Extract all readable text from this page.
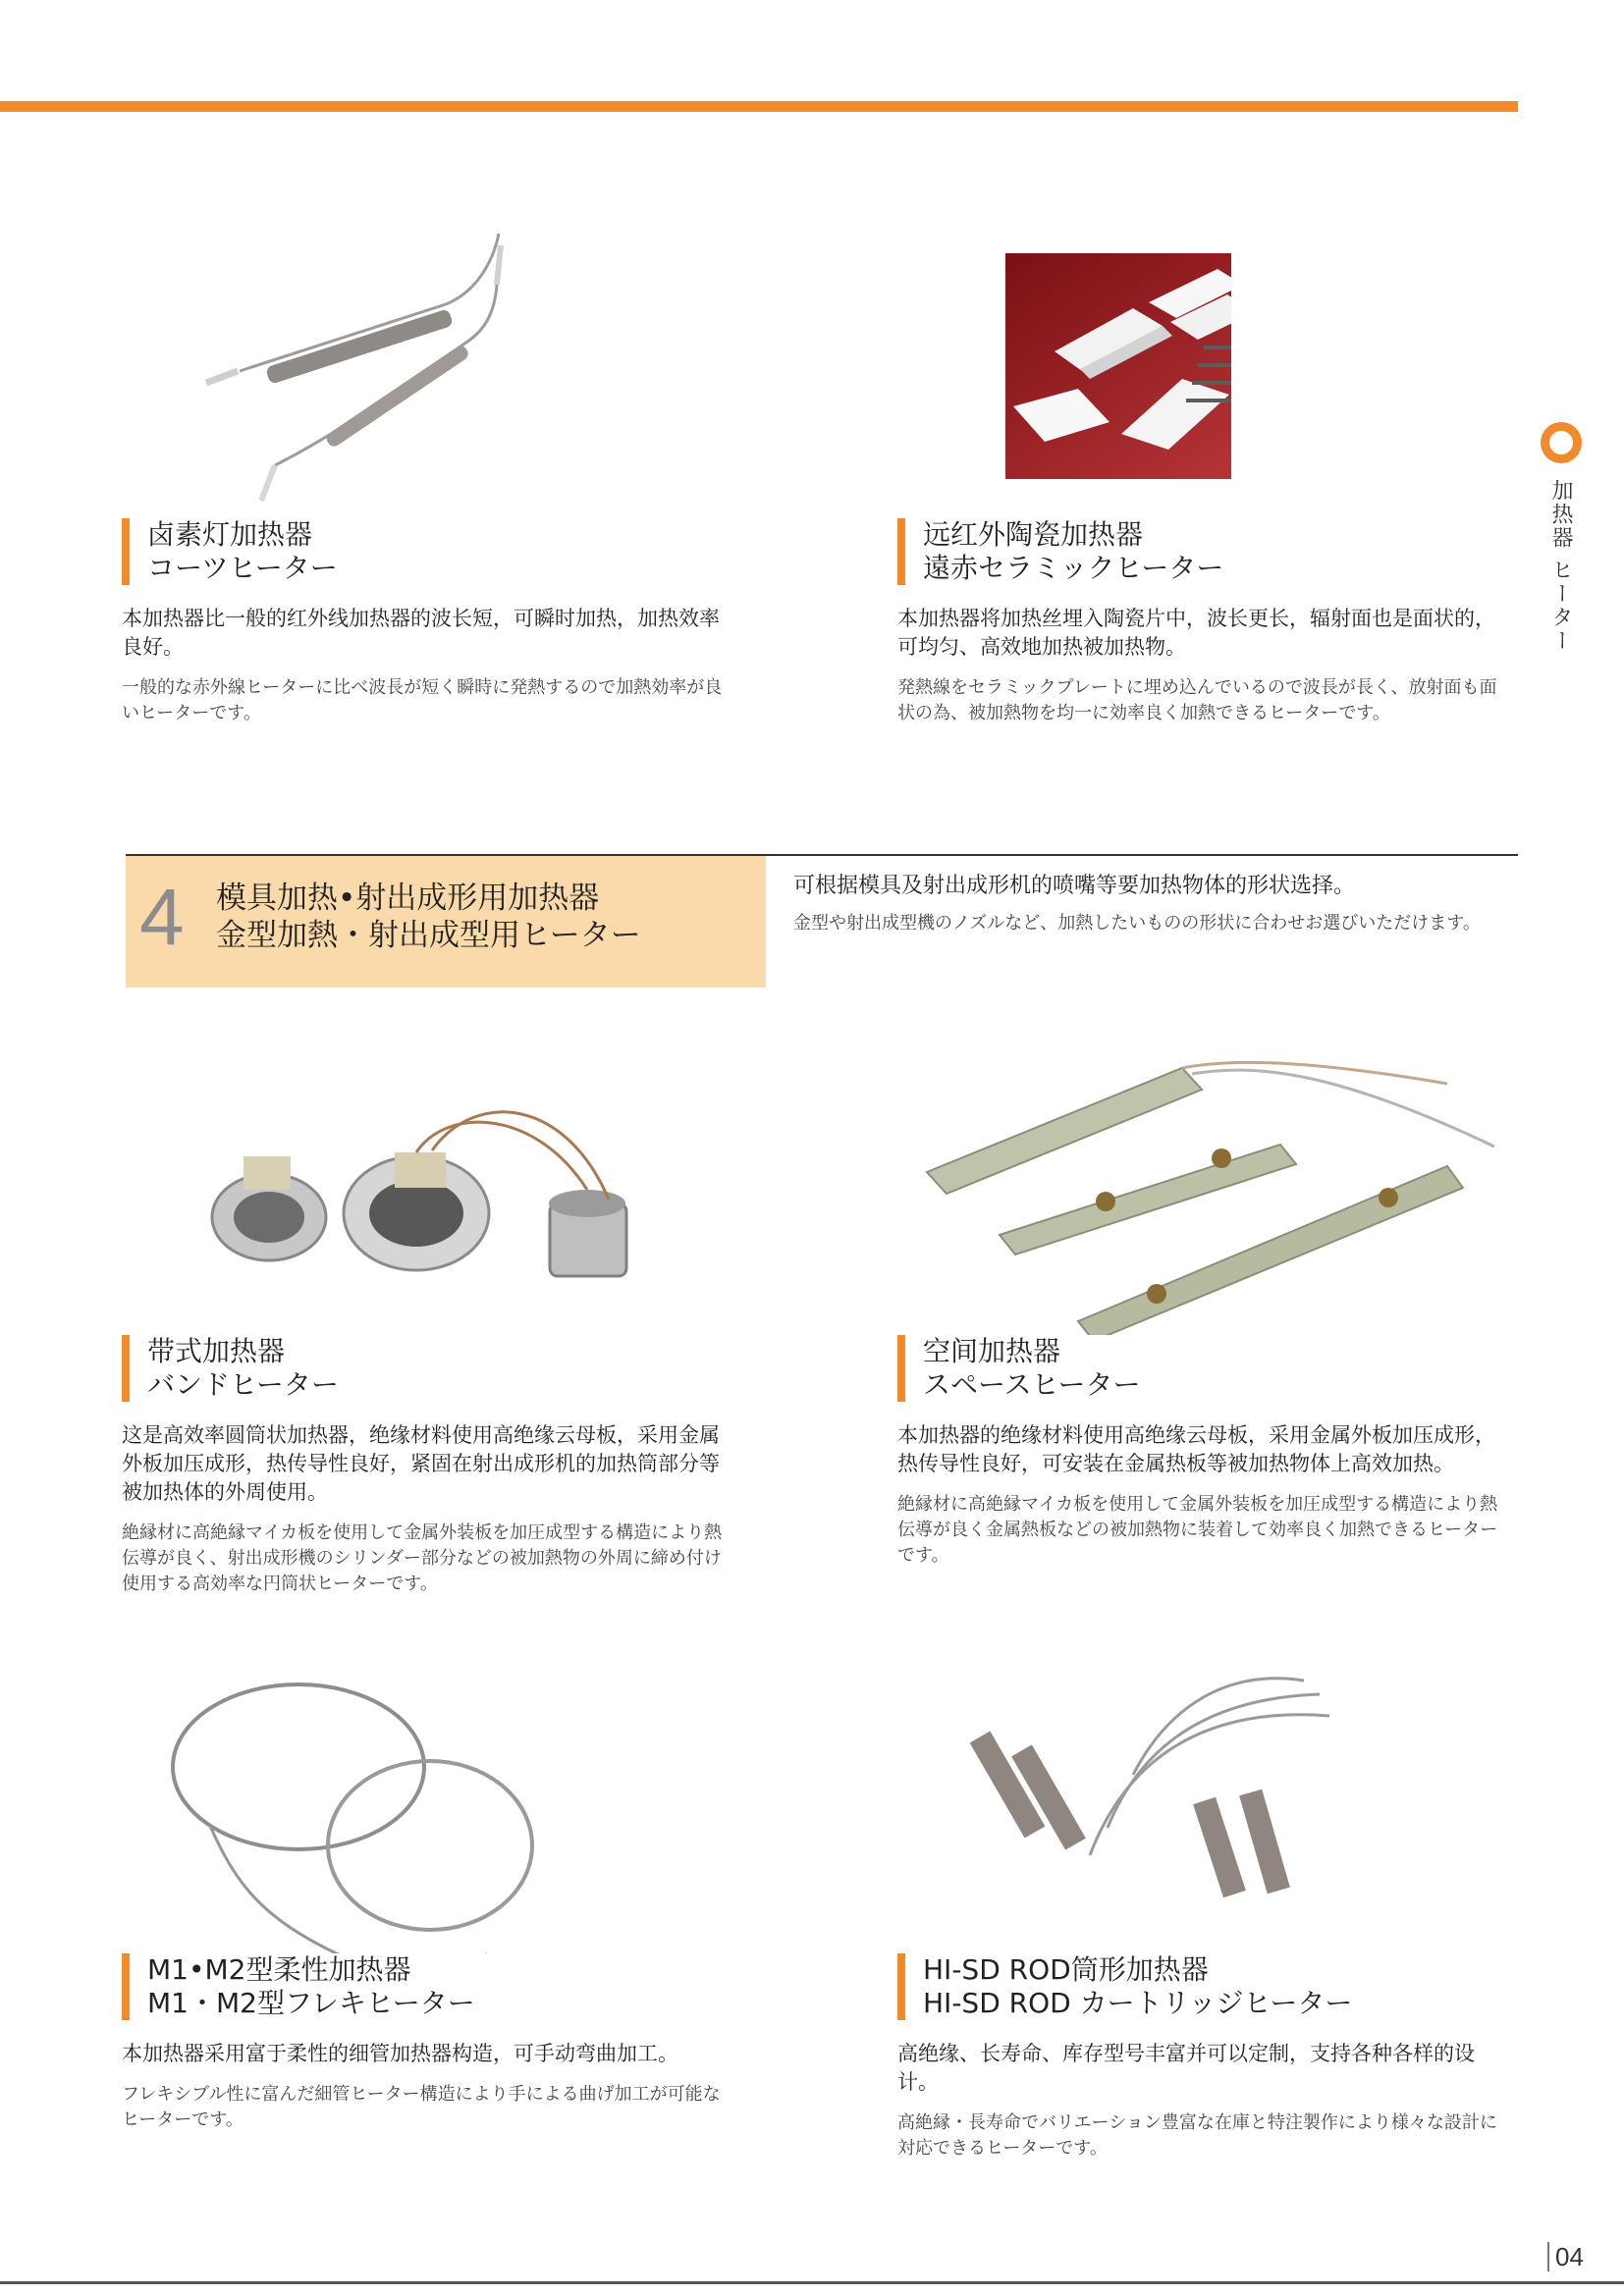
加热器 ヒーター
卤素灯加热器
コーツヒーター
本加热器比一般的红外线加热器的波长短，可瞬时加热，加热效率良好。
一般的な赤外線ヒーターに比べ波長が短く瞬時に発熱するので加熱効率が良いヒーターです。
远红外陶瓷加热器
遠赤セラミックヒーター
本加热器将加热丝埋入陶瓷片中，波长更长，辐射面也是面状的，可均匀、高效地加热被加热物。
発熱線をセラミックプレートに埋め込んでいるので波長が長く、放射面も面状の為、被加熱物を均一に効率良く加熱できるヒーターです。
4 模具加热•射出成形用加热器
金型加熱・射出成型用ヒーター
可根据模具及射出成形机的喷嘴等要加热物体的形状选择。
金型や射出成型機のノズルなど、加熱したいものの形状に合わせお選びいただけます。
带式加热器
バンドヒーター
这是高效率圆筒状加热器，绝缘材料使用高绝缘云母板，采用金属外板加压成形，热传导性良好，紧固在射出成形机的加热筒部分等被加热体的外周使用。
絶縁材に高絶縁マイカ板を使用して金属外装板を加圧成型する構造により熱伝導が良く、射出成形機のシリンダー部分などの被加熱物の外周に締め付け使用する高効率な円筒状ヒーターです。
空间加热器
スペースヒーター
本加热器的绝缘材料使用高绝缘云母板，采用金属外板加压成形，热传导性良好，可安装在金属热板等被加热物体上高效加热。
絶縁材に高絶縁マイカ板を使用して金属外装板を加圧成型する構造により熱伝導が良く金属熱板などの被加熱物に装着して効率良く加熱できるヒーターです。
M1•M2型柔性加热器
M1・M2型フレキヒーター
本加热器采用富于柔性的细管加热器构造，可手动弯曲加工。
フレキシブル性に富んだ細管ヒーター構造により手による曲げ加工が可能なヒーターです。
HI-SD ROD筒形加热器
HI-SD ROD カートリッジヒーター
高绝缘、长寿命、库存型号丰富并可以定制，支持各种各样的设计。
高絶縁・長寿命でバリエーション豊富な在庫と特注製作により様々な設計に対応できるヒーターです。
04
